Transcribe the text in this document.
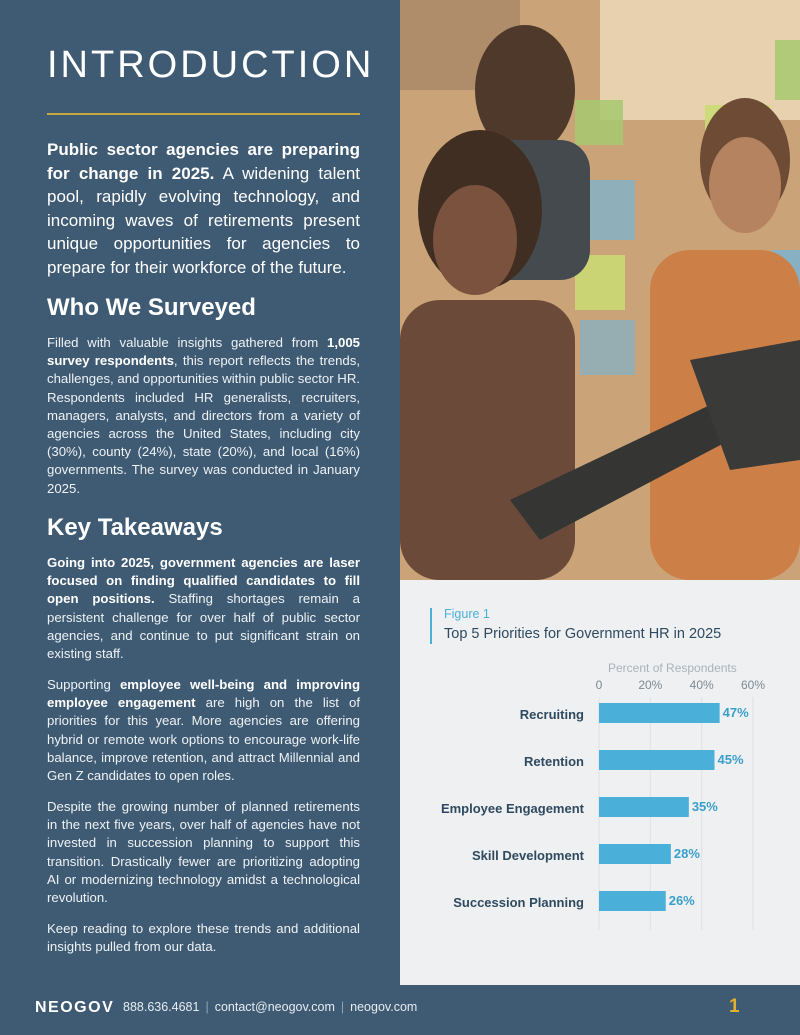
INTRODUCTION

Public sector agencies are preparing for change in 2025. A widening talent pool, rapidly evolving technology, and incoming waves of retirements present unique opportunities for agencies to prepare for their workforce of the future.

Who We Surveyed

Filled with valuable insights gathered from 1,005 survey respondents, this report reflects the trends, challenges, and opportunities within public sector HR. Respondents included HR generalists, recruiters, managers, analysts, and directors from a variety of agencies across the United States, including city (30%), county (24%), state (20%), and local (16%) governments. The survey was conducted in January 2025.

Key Takeaways

Going into 2025, government agencies are laser focused on finding qualified candidates to fill open positions. Staffing shortages remain a persistent challenge for over half of public sector agencies, and continue to put significant strain on existing staff.

Supporting employee well-being and improving employee engagement are high on the list of priorities for this year. More agencies are offering hybrid or remote work options to encourage work-life balance, improve retention, and attract Millennial and Gen Z candidates to open roles.

Despite the growing number of planned retirements in the next five years, over half of agencies have not invested in succession planning to support this transition. Drastically fewer are prioritizing adopting AI or modernizing technology amidst a technological revolution.

Keep reading to explore these trends and additional insights pulled from our data.

Figure 1
Top 5 Priorities for Government HR in 2025
Percent of Respondents
0	20% 40% 60%
Recruiting	47%
Retention	45%
Employee Engagement	35%
Skill Development	28%
Succession Planning	26%
NEOGOV 888.636.4681 | contact@neogov.com | neogov.com	1
